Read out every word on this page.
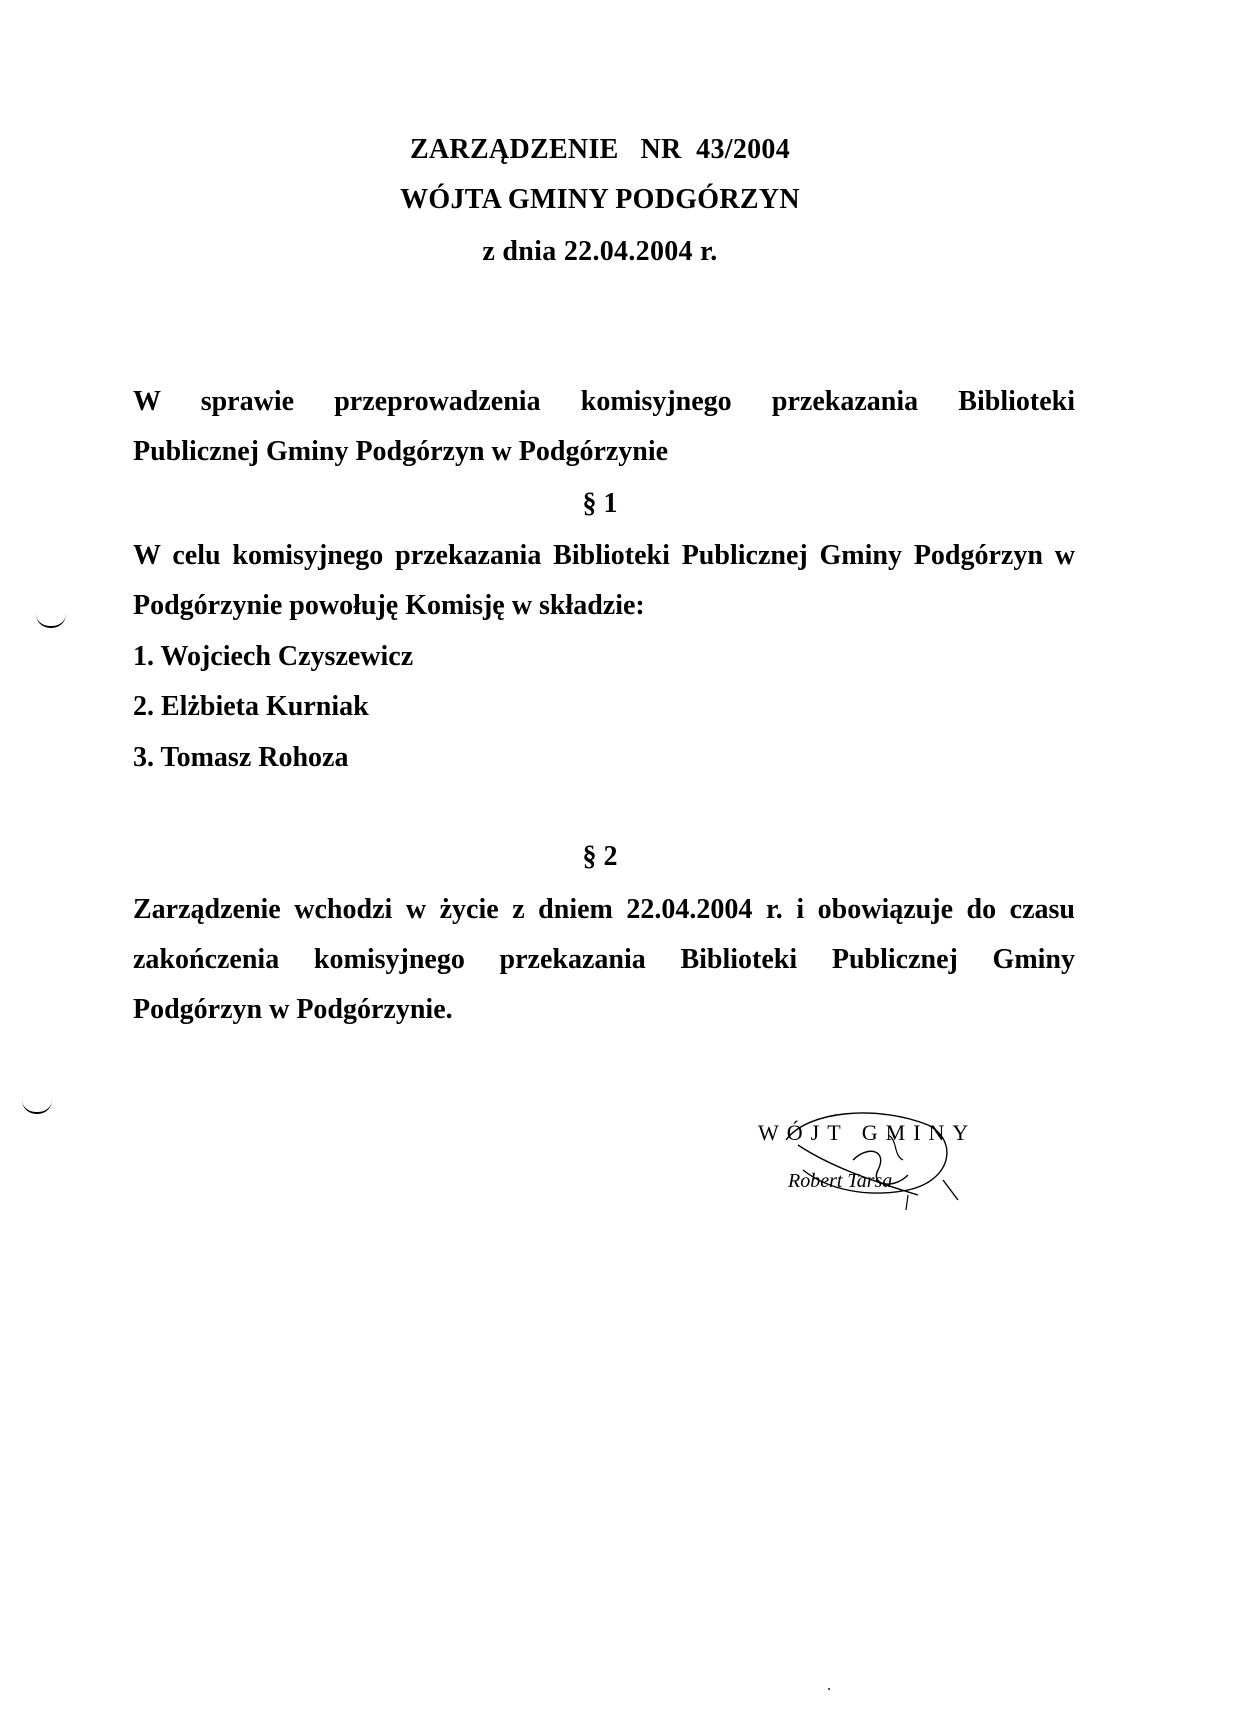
ZARZĄDZENIE   NR  43/2004
WÓJTA GMINY PODGÓRZYN
z dnia 22.04.2004 r.
W sprawie przeprowadzenia komisyjnego przekazania Biblioteki
Publicznej Gminy Podgórzyn w Podgórzynie
§ 1
W celu komisyjnego przekazania Biblioteki Publicznej Gminy Podgórzyn w
Podgórzynie powołuję Komisję w składzie:
1. Wojciech Czyszewicz
2. Elżbieta Kurniak
3. Tomasz Rohoza
§ 2
Zarządzenie wchodzi w życie z dniem 22.04.2004 r. i obowiązuje do czasu
zakończenia komisyjnego przekazania Biblioteki Publicznej Gminy
Podgórzyn w Podgórzynie.
WÓJT GMINY
Robert Tarsa
